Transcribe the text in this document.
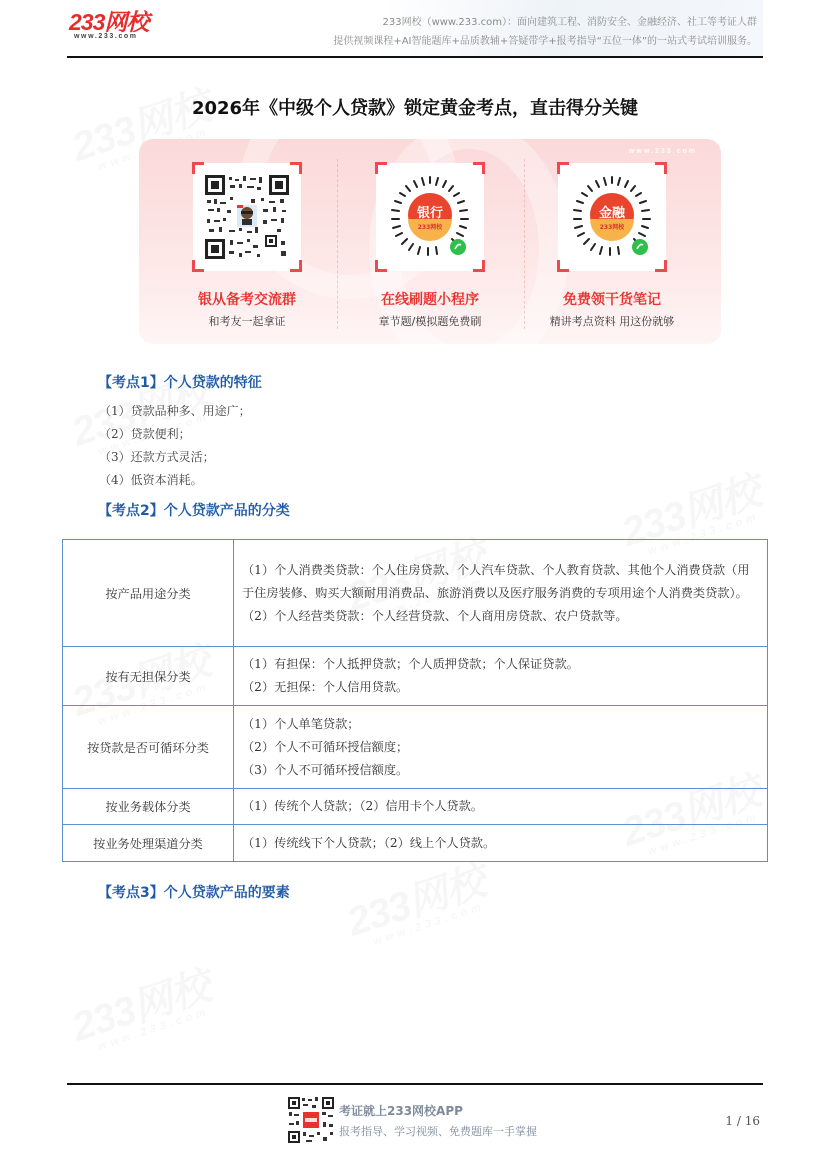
233网校
www.233.com
233网校（www.233.com）：面向建筑工程、消防安全、金融经济、社工等考证人群
提供视频课程+AI智能题库+品质教辅+答疑带学+报考指导“五位一体”的一站式考试培训服务。
2026年《中级个人贷款》锁定黄金考点，直击得分关键
www.233.com
银从备考交流群
和考友一起拿证
银行
233网校
在线刷题小程序
章节题/模拟题免费刷
金融
233网校
免费领干货笔记
精讲考点资料 用这份就够
【考点1】个人贷款的特征
（1）贷款品种多、用途广；
（2）贷款便利；
（3）还款方式灵活；
（4）低资本消耗。
【考点2】个人贷款产品的分类
按产品用途分类	（1）个人消费类贷款：个人住房贷款、个人汽车贷款、个人教育贷款、其他个人消费贷款（用于住房装修、购买大额耐用消费品、旅游消费以及医疗服务消费的专项用途个人消费类贷款）。
（2）个人经营类贷款：个人经营贷款、个人商用房贷款、农户贷款等。

按有无担保分类	（1）有担保：个人抵押贷款；个人质押贷款；个人保证贷款。
（2）无担保：个人信用贷款。

按贷款是否可循环分类	（1）个人单笔贷款；
（2）个人不可循环授信额度；
（3）个人不可循环授信额度。

按业务载体分类	（1）传统个人贷款；（2）信用卡个人贷款。

按业务处理渠道分类	（1）传统线下个人贷款；（2）线上个人贷款。
【考点3】个人贷款产品的要素
考证就上233网校APP
报考指导、学习视频、免费题库一手掌握
1 / 16
